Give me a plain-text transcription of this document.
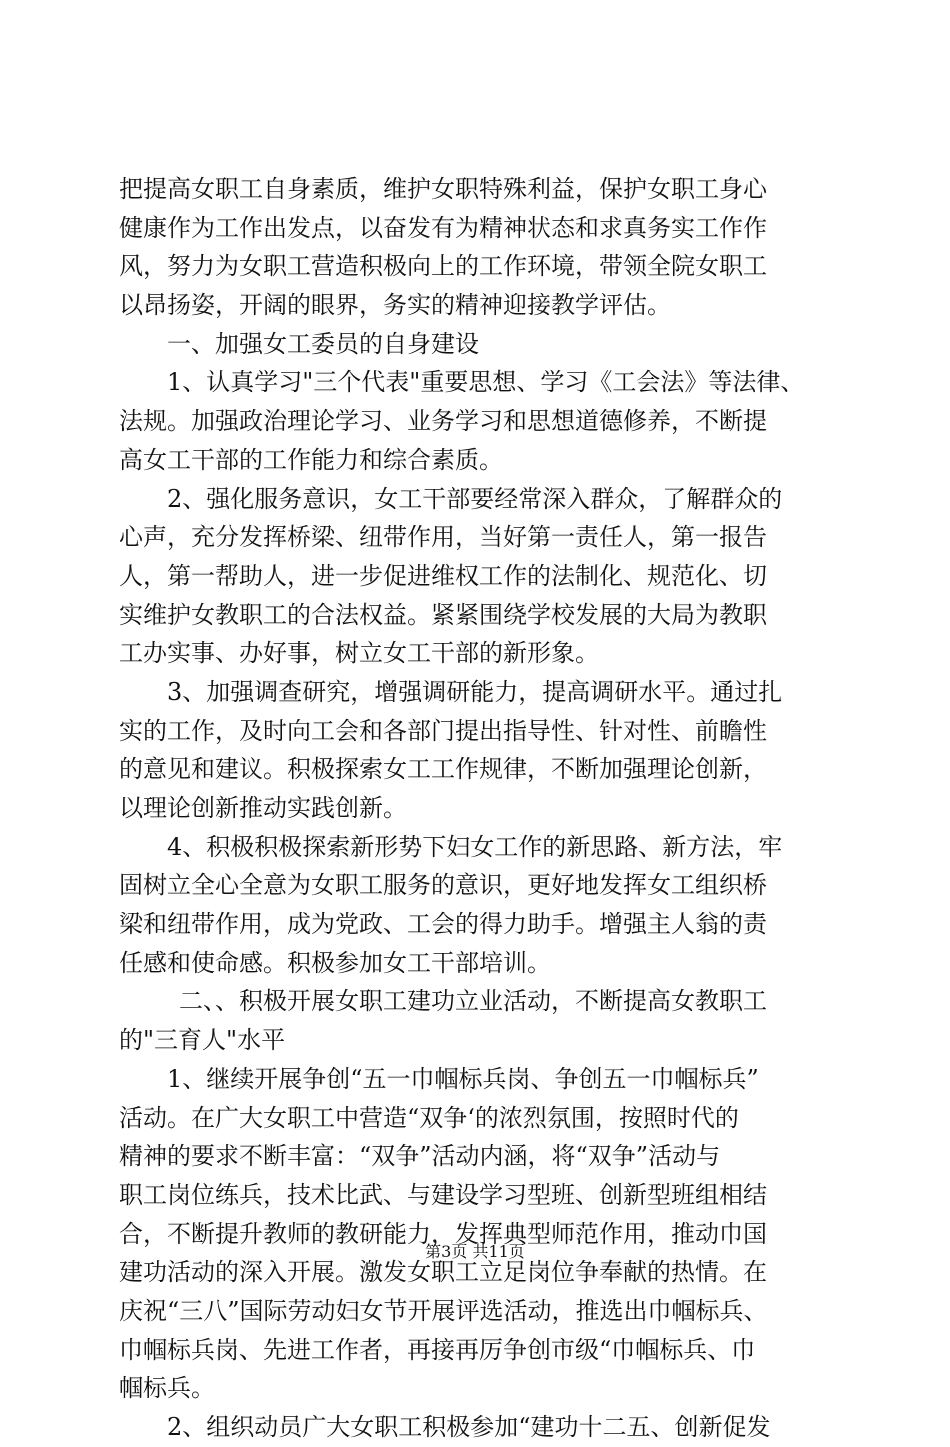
把提高女职工自身素质，维护女职特殊利益，保护女职工身心
健康作为工作出发点，以奋发有为精神状态和求真务实工作作
风，努力为女职工营造积极向上的工作环境，带领全院女职工
以昂扬姿，开阔的眼界，务实的精神迎接教学评估。
一、加强女工委员的自身建设
1、认真学习"三个代表"重要思想、学习《工会法》等法律、
法规。加强政治理论学习、业务学习和思想道德修养，不断提
高女工干部的工作能力和综合素质。
2、强化服务意识，女工干部要经常深入群众，了解群众的
心声，充分发挥桥梁、纽带作用，当好第一责任人，第一报告
人，第一帮助人，进一步促进维权工作的法制化、规范化、切
实维护女教职工的合法权益。紧紧围绕学校发展的大局为教职
工办实事、办好事，树立女工干部的新形象。
3、加强调查研究，增强调研能力，提高调研水平。通过扎
实的工作，及时向工会和各部门提出指导性、针对性、前瞻性
的意见和建议。积极探索女工工作规律，不断加强理论创新，
以理论创新推动实践创新。
4、积极积极探索新形势下妇女工作的新思路、新方法，牢
固树立全心全意为女职工服务的意识，更好地发挥女工组织桥
梁和纽带作用，成为党政、工会的得力助手。增强主人翁的责
任感和使命感。积极参加女工干部培训。
二、、积极开展女职工建功立业活动，不断提高女教职工
的"三育人"水平
1、继续开展争创“五一巾帼标兵岗、争创五一巾帼标兵”
活动。在广大女职工中营造“双争‘的浓烈氛围，按照时代的
精神的要求不断丰富：“双争”活动内涵，将“双争”活动与
职工岗位练兵，技术比武、与建设学习型班、创新型班组相结
合，不断提升教师的教研能力，发挥典型师范作用，推动巾国
建功活动的深入开展。激发女职工立足岗位争奉献的热情。在
庆祝“三八”国际劳动妇女节开展评选活动，推选出巾帼标兵、
巾帼标兵岗、先进工作者，再接再厉争创市级“巾帼标兵、巾
帼标兵。
2、组织动员广大女职工积极参加“建功十二五、创新促发
第3页 共11页
